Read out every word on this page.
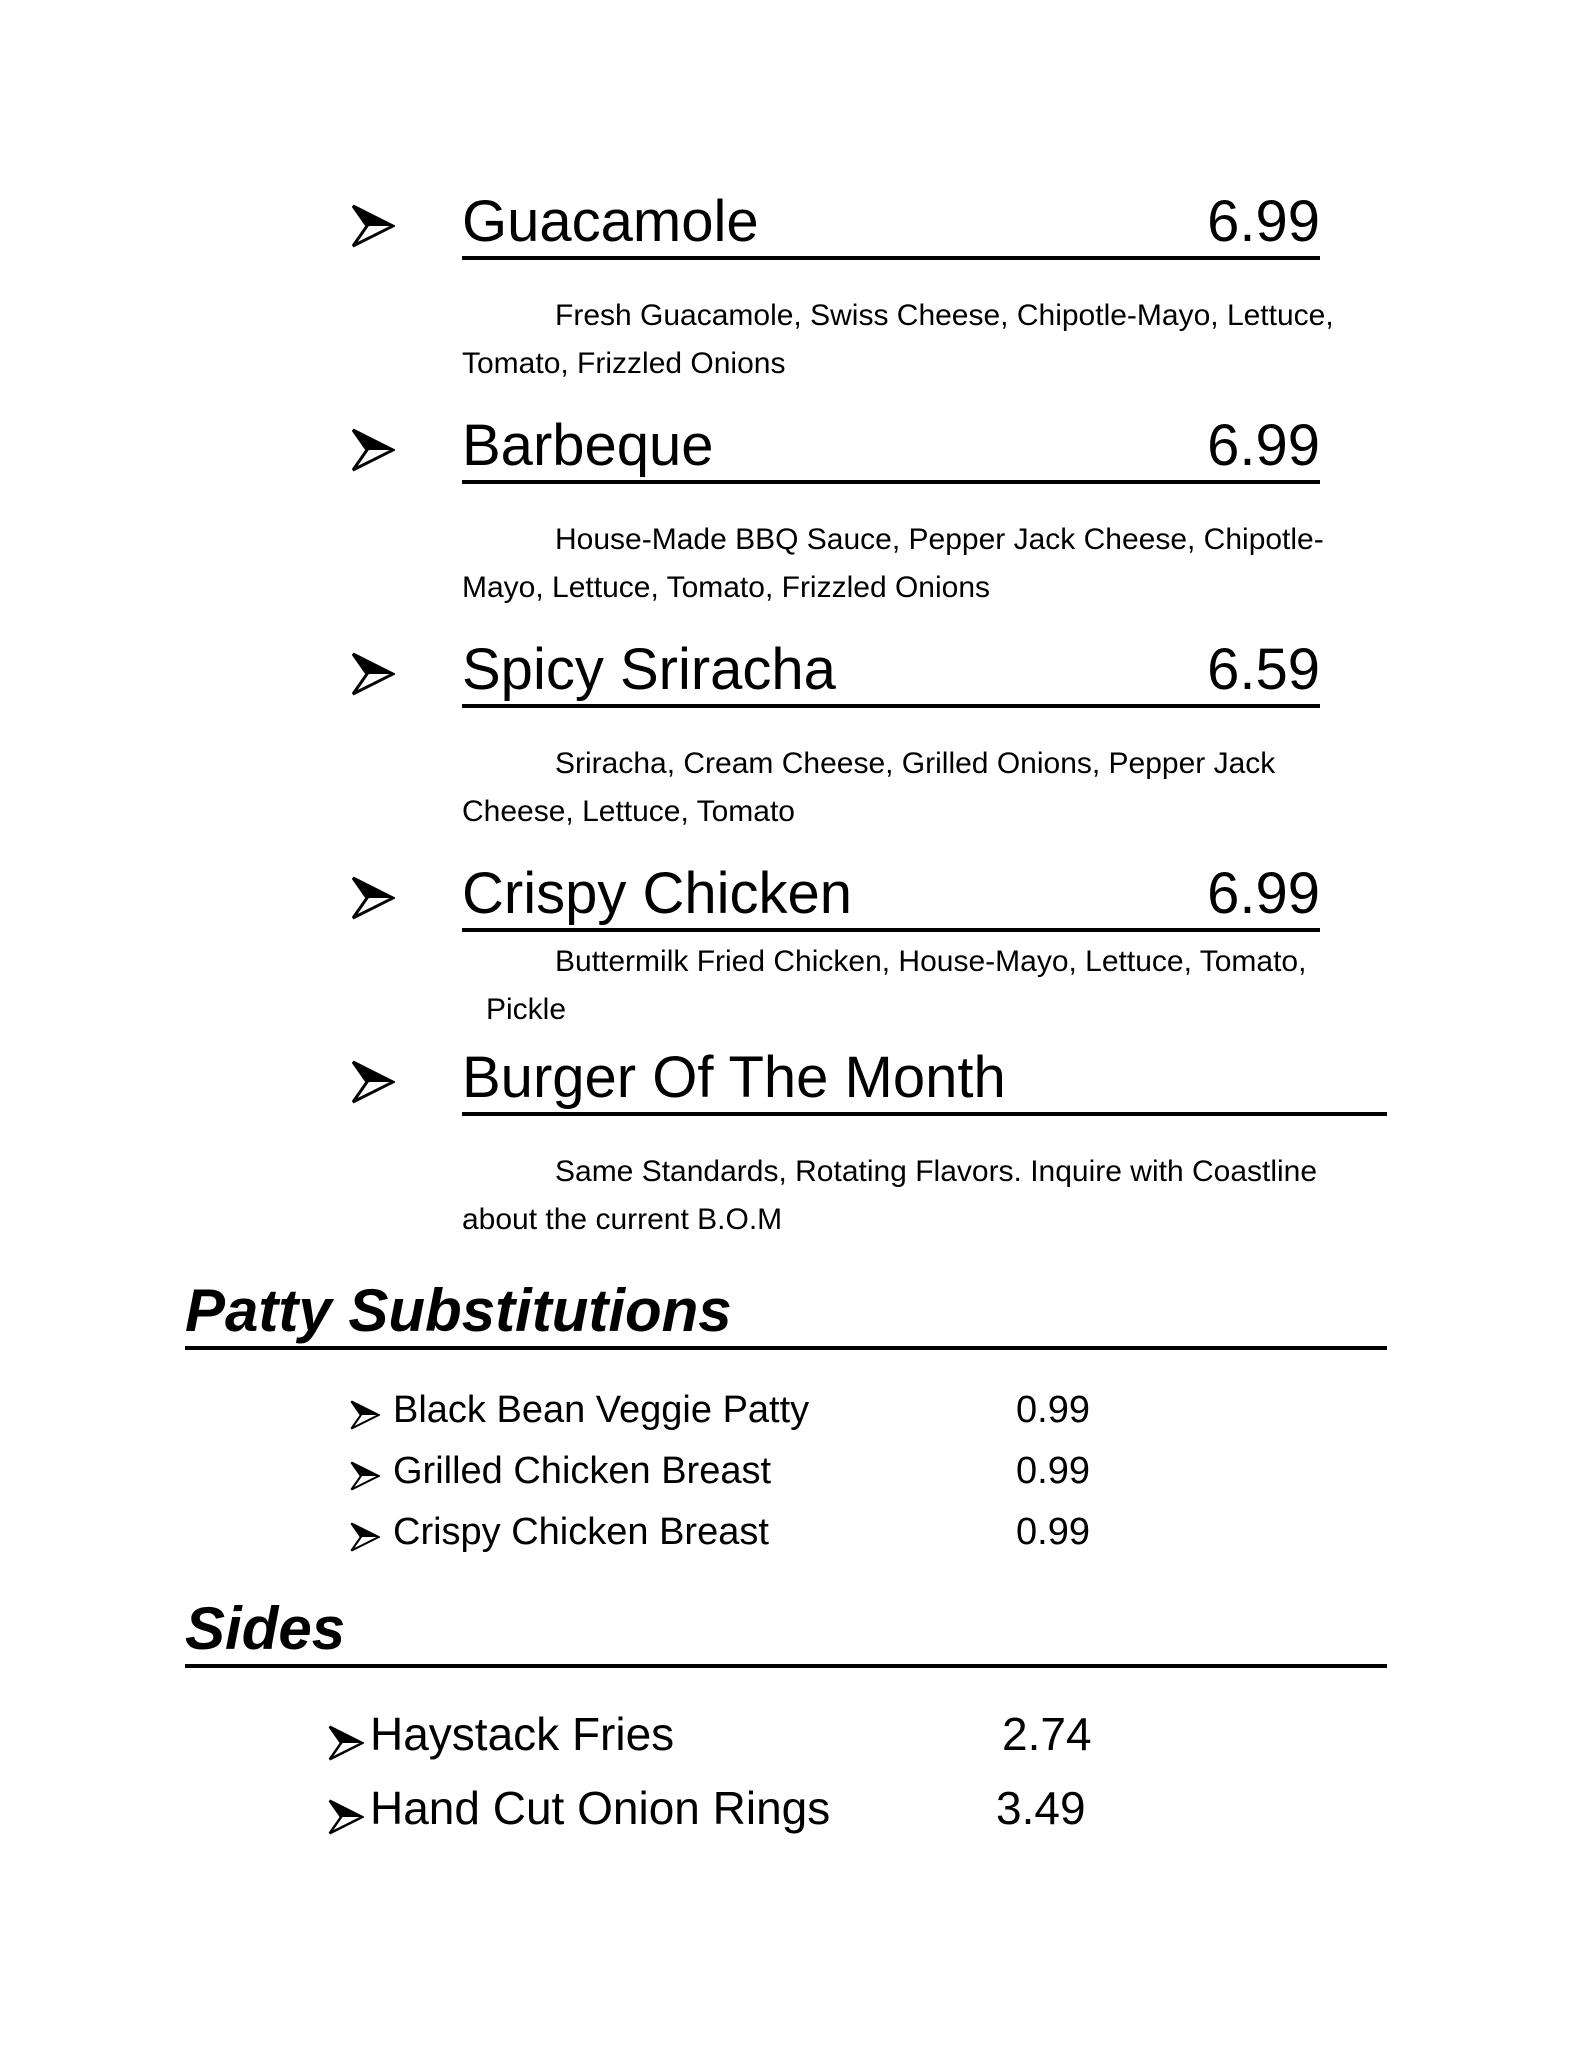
Guacamole	6.99
Fresh Guacamole, Swiss Cheese, Chipotle-Mayo, Lettuce,
Tomato, Frizzled Onions
Barbeque	6.99
House-Made BBQ Sauce, Pepper Jack Cheese, Chipotle-
Mayo, Lettuce, Tomato, Frizzled Onions
Spicy Sriracha	6.59
Sriracha, Cream Cheese, Grilled Onions, Pepper Jack
Cheese, Lettuce, Tomato
Crispy Chicken	6.99
Buttermilk Fried Chicken, House-Mayo, Lettuce, Tomato,
Pickle
Burger Of The Month
Same Standards, Rotating Flavors. Inquire with Coastline
about the current B.O.M
Patty Substitutions
Black Bean Veggie Patty	0.99
Grilled Chicken Breast	0.99
Crispy Chicken Breast	0.99
Sides
Haystack Fries	2.74
Hand Cut Onion Rings	3.49
